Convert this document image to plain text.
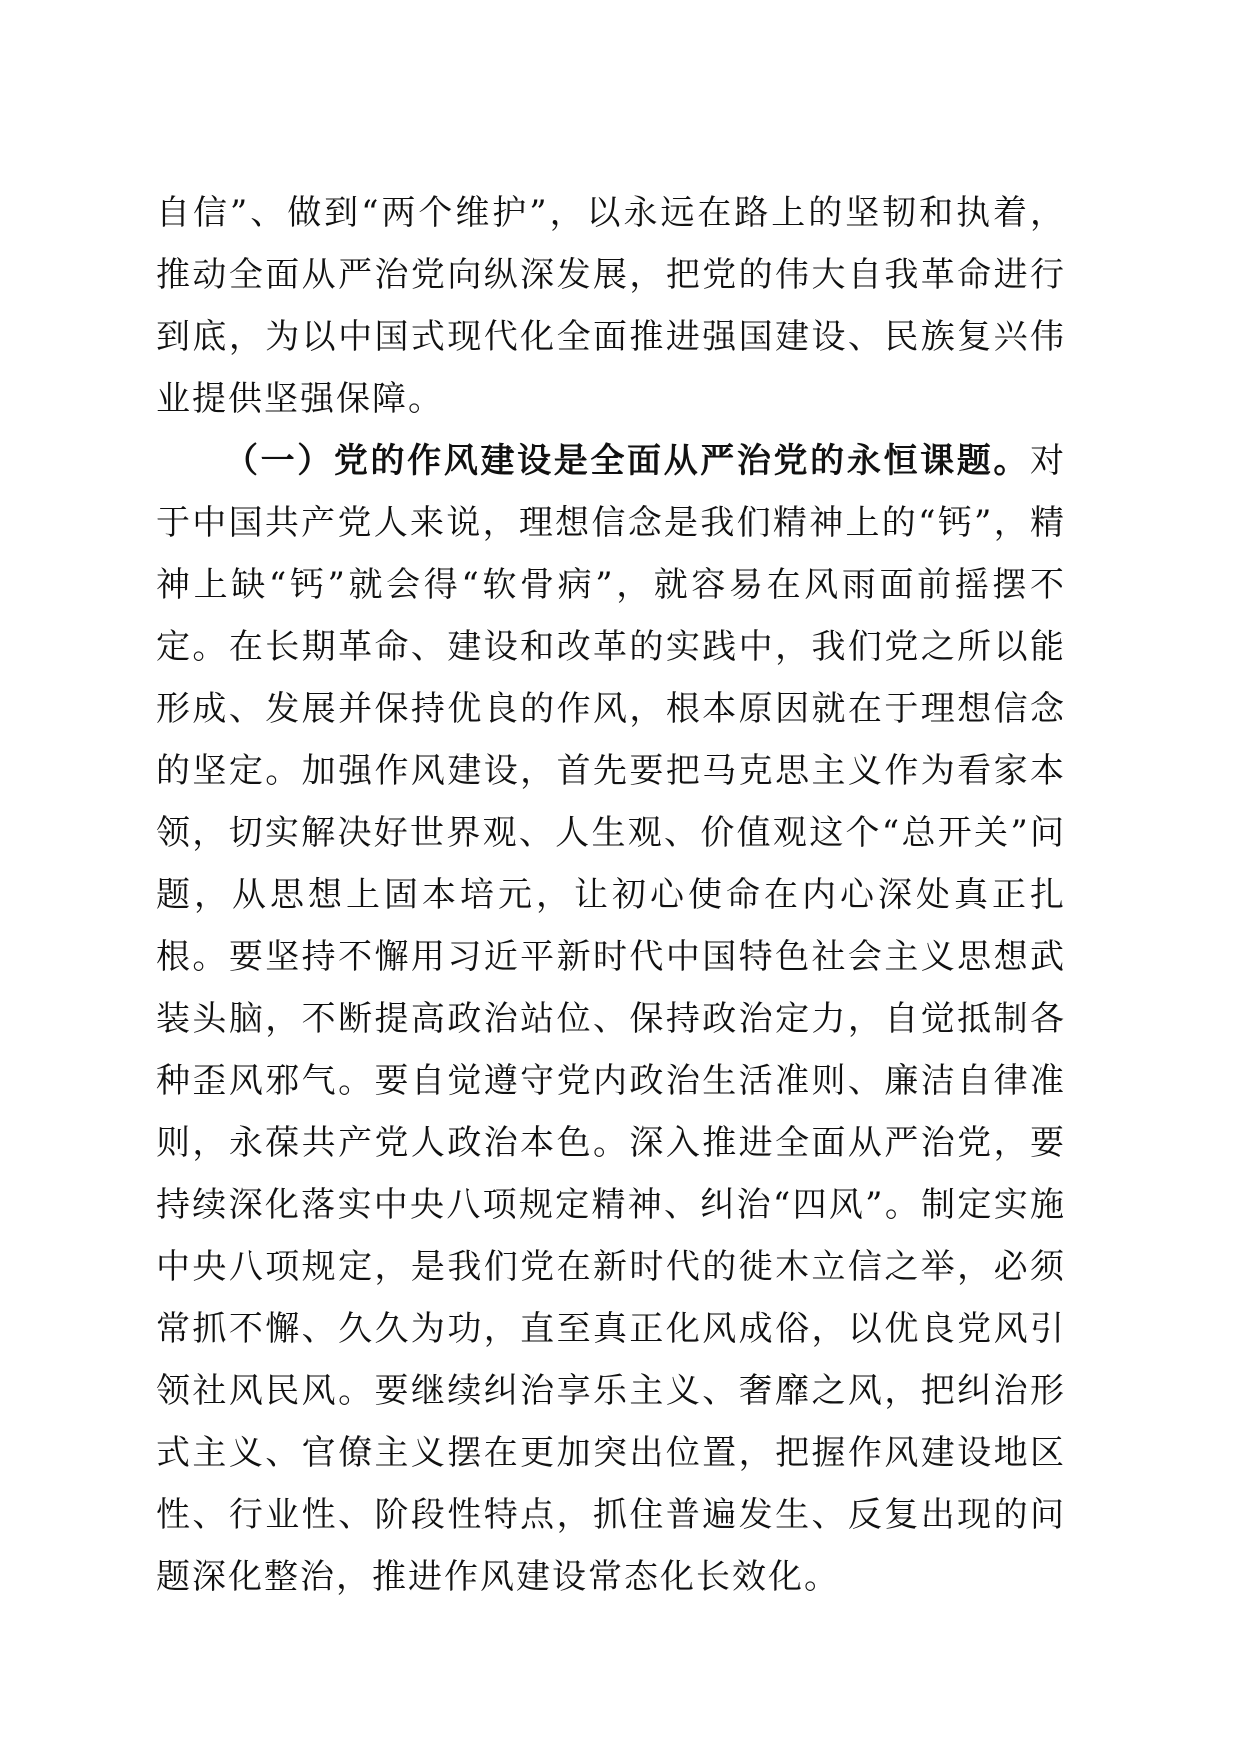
自信”、做到“两个维护”，以永远在路上的坚韧和执着，推动全面从严治党向纵深发展，把党的伟大自我革命进行到底，为以中国式现代化全面推进强国建设、民族复兴伟业提供坚强保障。

（一）党的作风建设是全面从严治党的永恒课题。对于中国共产党人来说，理想信念是我们精神上的“钙”，精神上缺“钙”就会得“软骨病”，就容易在风雨面前摇摆不定。在长期革命、建设和改革的实践中，我们党之所以能形成、发展并保持优良的作风，根本原因就在于理想信念的坚定。加强作风建设，首先要把马克思主义作为看家本领，切实解决好世界观、人生观、价值观这个“总开关”问题，从思想上固本培元，让初心使命在内心深处真正扎根。要坚持不懈用习近平新时代中国特色社会主义思想武装头脑，不断提高政治站位、保持政治定力，自觉抵制各种歪风邪气。要自觉遵守党内政治生活准则、廉洁自律准则，永葆共产党人政治本色。深入推进全面从严治党，要持续深化落实中央八项规定精神、纠治“四风”。制定实施中央八项规定，是我们党在新时代的徙木立信之举，必须常抓不懈、久久为功，直至真正化风成俗，以优良党风引领社风民风。要继续纠治享乐主义、奢靡之风，把纠治形式主义、官僚主义摆在更加突出位置，把握作风建设地区性、行业性、阶段性特点，抓住普遍发生、反复出现的问题深化整治，推进作风建设常态化长效化。
